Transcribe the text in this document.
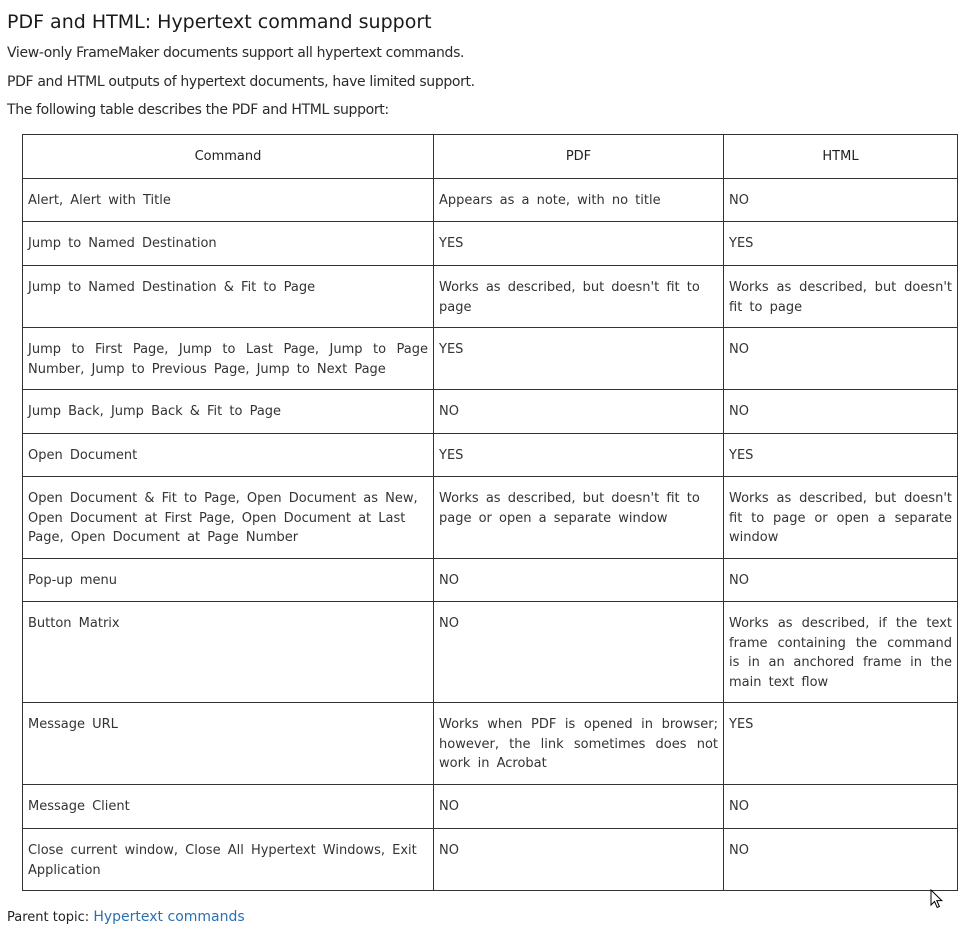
PDF and HTML: Hypertext command support

View-only FrameMaker documents support all hypertext commands.

PDF and HTML outputs of hypertext documents, have limited support.

The following table describes the PDF and HTML support:

Command	PDF	HTML
Alert, Alert with Title	Appears as a note, with no title	NO
Jump to Named Destination	YES	YES
Jump to Named Destination & Fit to Page	Works as described, but doesn't fit to page	Works as described, but doesn't fit to page
Jump to First Page, Jump to Last Page, Jump to Page Number, Jump to Previous Page, Jump to Next Page	YES	NO
Jump Back, Jump Back & Fit to Page	NO	NO
Open Document	YES	YES
Open Document & Fit to Page, Open Document as New, Open Document at First Page, Open Document at Last Page, Open Document at Page Number	Works as described, but doesn't fit to page or open a separate window	Works as described, but doesn't fit to page or open a separate window
Pop-up menu	NO	NO
Button Matrix	NO	Works as described, if the text frame containing the command is in an anchored frame in the main text flow
Message URL	Works when PDF is opened in browser; however, the link sometimes does not work in Acrobat	YES
Message Client	NO	NO
Close current window, Close All Hypertext Windows, Exit Application	NO	NO
Parent topic: Hypertext commands
